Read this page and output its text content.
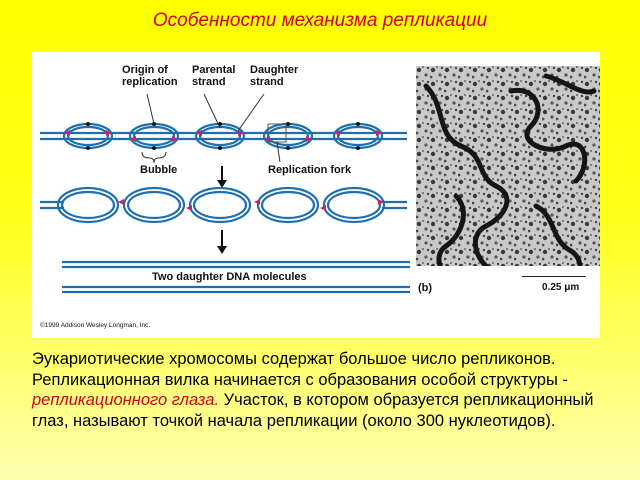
Особенности механизма репликации
Origin of
replication
Parental
strand
Daughter
strand
Bubble	Replication fork
Two daughter DNA molecules
©1999 Addison Wesley Longman, Inc.
(b)	0.25 μm
Эукариотические хромосомы содержат большое число репликонов. Репликационная вилка начинается с образования особой структуры - репликационного глаза. Участок, в котором образуется репликационный глаз, называют точкой начала репликации (около 300 нуклеотидов).
